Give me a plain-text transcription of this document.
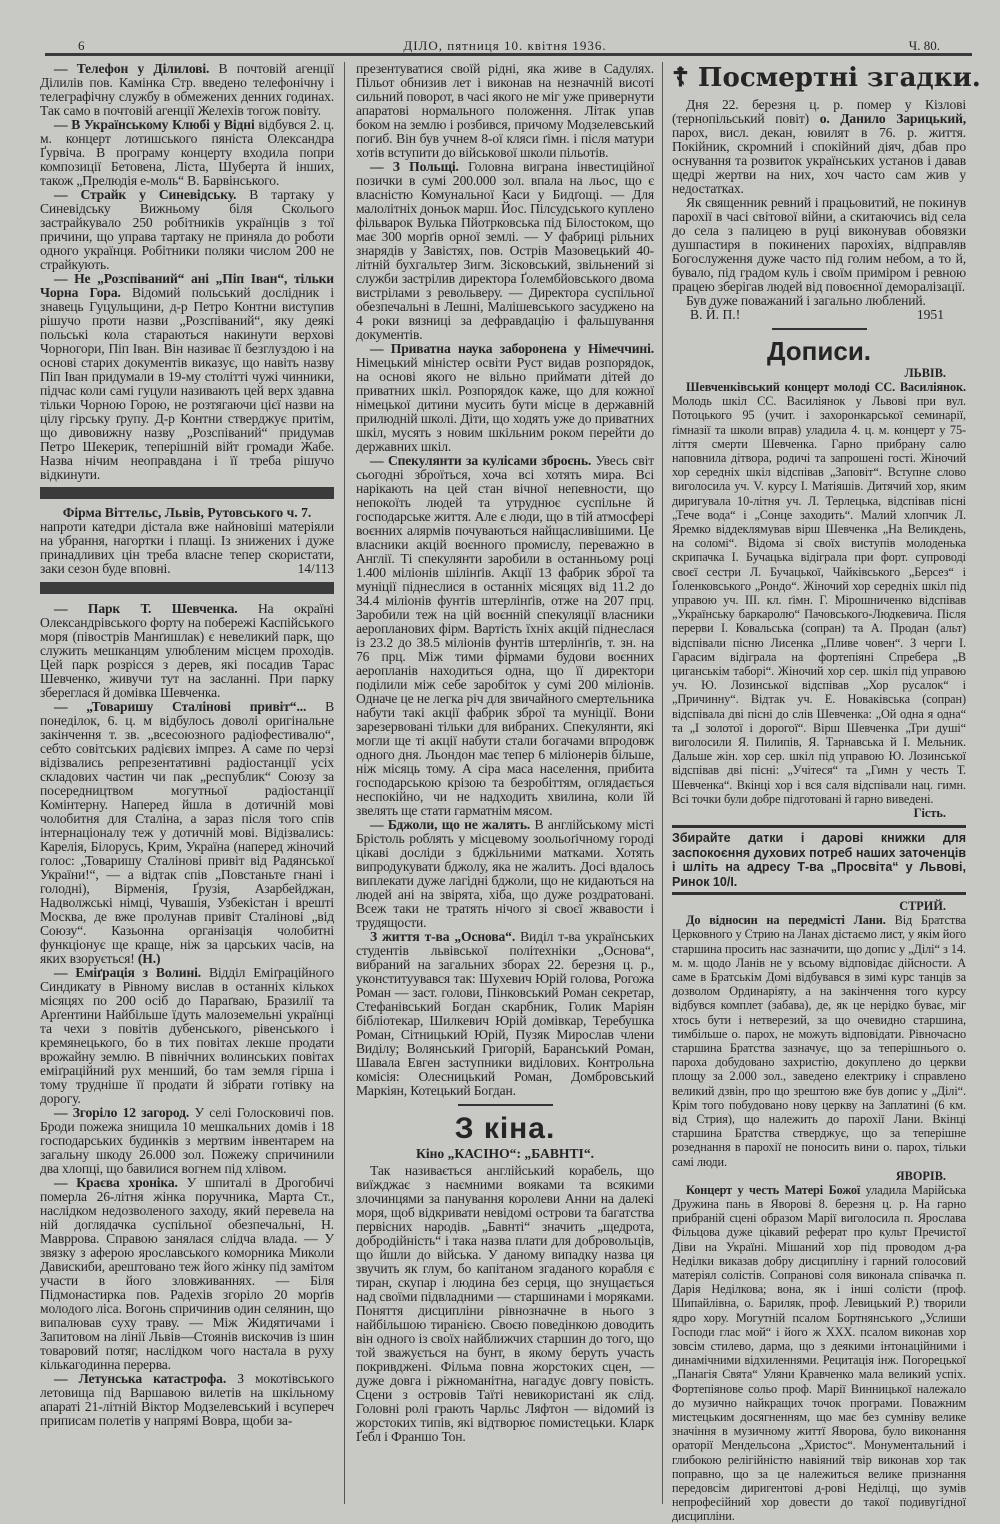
6	ДІЛО, пятниця 10. квітня 1936.	Ч. 80.

— Телефон у Ділилові. В почтовій агенції Ділилів пов. Камінка Стр. введено телефонічну і телеграфічну службу в обмежених денних годинах. Так само в почтовій агенції Желехів тогож повіту.

— В Українському Клюбі у Відні відбувся 2. ц. м. концерт лотишського пяніста Олександра Ґурвіча. В програму концерту входила попри композиції Бетовена, Ліста, Шуберта й інших, також „Прелюдія е-моль“ В. Барвінського.

— Страйк у Синевідську. В тартаку у Синевідську Вижньому біля Сколього застрайкувало 250 робітників українців з тої причини, що управа тартаку не приняла до роботи одного українця. Робітники поляки числом 200 не страйкують.

— Не „Розспіваний“ ані „Піп Іван“, тільки Чорна Гора. Відомий польський дослідник і знавець Гуцульщини, д-р Петро Контни виступив рішучо проти назви „Розспіваний“, яку деякі польські кола стараються накинути верхові Чорногори, Піп Іван. Він називає її безглуздою і на основі старих документів виказує, що навіть назву Піп Іван придумали в 19-му столітті чужі чинники, підчас коли самі гуцули називають цей верх здавна тільки Чорною Горою, не розтягаючи цієї назви на цілу гірську ґрупу. Д-р Контни стверджує притім, що дивовижну назву „Розспіваний“ придумав Петро Шекерик, теперішній війт громади Жабе. Назва нічим неоправдана і її треба рішучо відкинути.

Фірма Віттельс, Львів, Рутовського ч. 7.

напроти катедри дістала вже найновіші матеріяли на убрання, нагортки і плащі. Із знижених і дуже принадливих цін треба власне тепер скористати, заки сезон буде вповні.	14/113

— Парк Т. Шевченка. На окраїні Олександрівського форту на побережі Каспійського моря (півострів Манґишлак) є невеликий парк, що служить мешканцям улюбленим місцем проходів. Цей парк розрісся з дерев, які посадив Тарас Шевченко, живучи тут на засланні. При парку збереглася й домівка Шевченка.

— „Товаришу Сталінові привіт“... В понеділок, 6. ц. м відбулось доволі оригінальне закінчення т. зв. „всесоюзного радіофестивалю“, себто совітських радієвих імпрез. А саме по черзі відізвались репрезентативні радіостанції усіх складових частин чи пак „республик“ Союзу за посередництвом могутньої радіостанції Комінтерну. Наперед йшла в дотичній мові чолобитня для Сталіна, а зараз після того спів інтернаціоналу теж у дотичній мові. Відізвались: Карелія, Білорусь, Крим, Україна (наперед жіночий голос: „Товаришу Сталінові привіт від Радянської України!“, — а відтак спів „Повстаньте гнані і голодні), Вірменія, Ґрузія, Азарбейджан, Надволжські німці, Чувашія, Узбекістан і врешті Москва, де вже пролунав привіт Сталінові „від Союзу“. Казьонна організація чолобитні функціонує ще краще, ніж за царських часів, на яких взорується! (Н.)

— Еміґрація з Волині. Відділ Еміґраційного Синдикату в Рівному вислав в останніх кількох місяцях по 200 осіб до Параґваю, Бразилії та Арґентини Найбільше їдуть малоземельні українці та чехи з повітів дубенського, рівенського і кремянецького, бо в тих повітах лекше продати врожайну землю. В північних волинських повітах еміґраційний рух менший, бо там земля гірша і тому трудніше її продати й зібрати готівку на дорогу.

— Згоріло 12 загород. У селі Голосковичі пов. Броди пожежа знищила 10 мешкальних домів і 18 господарських будинків з мертвим інвентарем на загальну шкоду 26.000 зол. Пожежу спричинили два хлопці, що бавилися вогнем під хлівом.

— Краєва хроніка. У шпиталі в Дрогобичі померла 26-літня жінка поручника, Марта Ст., наслідком недозволеного заходу, який перевела на ній доглядачка суспільної обезпечальні, Н. Мавррова. Справою занялася слідча влада. — У звязку з аферою ярославського коморника Миколи Давискиби, арештовано теж його жінку під замітом участи в його зловживаннях. — Біля Підмонастирка пов. Радехів згоріло 20 морґів молодого ліса. Вогонь спричинив один селянин, що випалював суху траву. — Між Жидятичами і Запитовом на лінії Львів—Стоянів вискочив із шин товаровий потяг, наслідком чого настала в руху кількагодинна перерва.

— Летунська катастрофа. З мокотівського летовища під Варшавою вилетів на шкільному апараті 21-літній Віктор Модзелевський і всупереч приписам полетів у напрямі Вовра, щоби за-

презентуватися своїй рідні, яка живе в Садулях. Пільот обнизив лет і виконав на незначній висоті сильний поворот, в часі якого не міг уже привернути апаратові нормального положення. Літак упав боком на землю і розбився, причому Модзелевський погиб. Він був учнем 8-ої кляси ґімн. і після матури хотів вступити до військової школи пільотів.

— З Польщі. Головна виграна інвестиційної позички в сумі 200.000 зол. впала на льос, що є власністю Комунальної Каси у Бидґощі. — Для малолітніх доньок марш. Йос. Пілсудського куплено фільварок Вулька Пйотрковська під Білостоком, що має 300 морґів орної землі. — У фабриці рільних знарядів у Завістях, пов. Острів Мазовецький 40-літній бухгальтер Зигм. Зісковський, звільнений зі служби застрілив директора Ґолембйовського двома вистрілами з револьверу. — Директора суспільної обезпечальні в Лешні, Малішевського засуджено на 4 роки вязниці за дефравдацію і фальшування документів.

— Приватна наука заборонена у Німеччині. Німецький міністер освіти Руст видав розпорядок, на основі якого не вільно приймати дітей до приватних шкіл. Розпорядок каже, що для кожної німецької дитини мусить бути місце в державній прилюдній школі. Діти, що ходять уже до приватних шкіл, мусять з новим шкільним роком перейти до державних шкіл.

— Спекулянти за кулісами зброєнь. Увесь світ сьогодні зброїться, хоча всі хотять мира. Всі нарікають на цей стан вічної непевности, що непокоїть людей та утруднює суспільне й господарське життя. Але є люди, що в тій атмосфері воєнних алярмів почуваються найщасливішими. Це власники акцій воєнного промислу, переважно в Англії. Ті спекулянти заробили в останньому році 1.400 міліонів шілінґів. Акції 13 фабрик зброї та муніції піднеслися в останніх місяцях від 11.2 до 34.4 міліонів фунтів штерлінґів, отже на 207 прц. Заробили теж на цій воєнній спекуляції власники аеропланових фірм. Вартість їхніх акцій піднеслася із 23.2 до 38.5 міліонів фунтів штерлінґів, т. зн. на 76 прц. Між тими фірмами будови воєнних аеропланів находиться одна, що її директори поділили між себе заробіток у сумі 200 міліонів. Одначе це не легка річ для звичайного смертельника набути такі акції фабрик зброї та муніції. Вони зарезервовані тільки для вибраних. Спекулянти, які могли ще ті акції набути стали богачами впродовж одного дня. Льондон має тепер 6 міліонерів більше, ніж місяць тому. А сіра маса населення, прибита господарською крізою та безробіттям, оглядається неспокійно, чи не надходить хвилина, коли їй звелять ще стати гарматнім мясом.

— Бджоли, що не жалять. В англійському місті Брістоль роблять у місцевому зоольоґічному городі цікаві досліди з бджільними матками. Хотять випродукувати бджолу, яка не жалить. Досі вдалось виплекати дуже лагідні бджоли, що не кидаються на людей ані на звірята, хіба, що дуже роздратовані. Всеж таки не тратять нічого зі своєї жвавости і трудящости.

З життя т-ва „Основа“. Виділ т-ва українських студентів львівської політехніки „Основа“, вибраний на загальних зборах 22. березня ц. р., уконституувався так: Шухевич Юрій голова, Рогожа Роман — заст. голови, Пінковський Роман секретар, Стефанівський Богдан скарбник, Голик Маріян бібліотекар, Шилкевич Юрій домівкар, Теребушка Роман, Сітницький Юрій, Пузяк Мирослав члени Виділу; Волянський Григорій, Баранський Роман, Шавала Евген заступники виділових. Контрольна комісія: Олесницький Роман, Домбровський Маркіян, Котецький Богдан.

З кіна.
Кіно „КАСІНО“: „БАВНТІ“.

Так називається англійський корабель, що виїжджає з наємними вояками та всякими злочинцями за панування королеви Анни на далекі моря, щоб відкривати невідомі острови та багатства первісних народів. „Бавнті“ значить „щедрота, добродійність“ і така назва плати для добровольців, що йшли до війська. У даному випадку назва ця звучить як глум, бо капітаном згаданого корабля є тиран, скупар і людина без серця, що знущається над своїми підвладними — старшинами і моряками. Поняття дисципліни рівнозначне в нього з найбільшою тиранією. Своєю поведінкою доводить він одного із своїх найближчих старшин до того, що той зважується на бунт, в якому беруть участь покривджені. Фільма повна жорстоких сцен, — дуже довга і ріжноманітна, нагадує довгу повість. Сцени з островів Таїті невикористані як слід. Головні ролі грають Чарльс Ляфтон — відомий із жорстоких типів, які відтворює помистецьки. Кларк Ґебл і Франшо Тон.

☦ Посмертні згадки.

Дня 22. березня ц. р. помер у Кізлові (тернопільський повіт) о. Данило Зарицький, парох, висл. декан, ювилят в 76. р. життя. Покійник, скромний і спокійний діяч, дбав про оснування та розвиток українських установ і давав щедрі жертви на них, хоч часто сам жив у недостатках.

Як священник ревний і працьовитий, не покинув парохії в часі світової війни, а скитаючись від села до села з палицею в руці виконував обовязки душпастиря в покинених парохіях, відправляв Богослуження дуже часто під голим небом, а то й, бувало, під градом куль і своїм приміром і ревною працею зберігав людей від повоєнної деморалізації.

Був дуже поважаний і загально люблений.

В. Й. П.!	1951
Дописи.
ЛЬВІВ.

Шевченківський концерт молоді СС. Василіянок. Молодь шкіл СС. Василіянок у Львові при вул. Потоцького 95 (учит. і захоронкарської семинарії, ґімназії та школи вправ) уладила 4. ц. м. концерт у 75-ліття смерти Шевченка. Гарно прибрану салю наповнила дітвора, родичі та запрошені гості. Жіночий хор середніх шкіл відспівав „Заповіт“. Вступне слово виголосила уч. V. курсу І. Матіяшів. Дитячий хор, яким диригувала 10-літня уч. Л. Терлецька, відспівав пісні „Тече вода“ і „Сонце заходить“. Малий хлопчик Л. Яремко віддеклямував вірш Шевченка „На Великдень, на соломі“. Відома зі своїх виступів молоденька скрипачка І. Бучацька відіграла при форт. супроводі своєї сестри Л. Бучацької, Чайківського „Берсез“ і Ґоленковського „Рондо“. Жіночий хор середніх шкіл під управою уч. III. кл. ґімн. Г. Мірошниченко відспівав „Українську баркаролю“ Пачовського-Людкевича. Після перерви І. Ковальська (сопран) та А. Продан (альт) відспівали пісню Лисенка „Пливе човен“. З черги І. Гарасим відіграла на фортепіяні Спребера „В циганськім таборі“. Жіночий хор сер. шкіл під управою уч. Ю. Лозинської відспівав „Хор русалок“ і „Причинну“. Відтак уч. Е. Новаківська (сопран) відспівала дві пісні до слів Шевченка: „Ой одна я одна“ та „І золотої і дорогої“. Вірш Шевченка „Три душі“ виголосили Я. Пилипів, Я. Тарнавська й І. Мельник. Дальше жін. хор сер. шкіл під управою Ю. Лозинської відспівав дві пісні: „Учітеся“ та „Гимн у честь Т. Шевченка“. Вкінці хор і вся саля відспівали нац. гимн. Всі точки були добре підготовані й гарно виведені.

Гість.

Збирайте датки і дарові книжки для заспокоєння духових потреб наших заточенців і шліть на адресу Т-ва „Просвіта“ у Львові, Ринок 10/I.

СТРИЙ.

До відносин на передмісті Лани. Від Братства Церковного у Стрию на Ланах дістаємо лист, у якім його старшина просить нас зазначити, що допис у „Ділі“ з 14. м. м. щодо Ланів не у всьому відповідає дійсности. А саме в Братськім Домі відбувався в зимі курс танців за дозволом Ординаріяту, а на закінчення того курсу відбувся комплет (забава), де, як це нерідко буває, міг хтось бути і нетверезий, за що очевидно старшина, тимбільше о. парох, не можуть відповідати. Рівночасно старшина Братства зазначує, що за теперішнього о. пароха добудовано захристію, докуплено до церкви площу за 2.000 зол., заведено електрику і справлено великий дзвін, про що зрештою вже був допис у „Ділі“. Крім того побудовано нову церкву на Заплатині (6 км. від Стрия), що належить до парохії Лани. Вкінці старшина Братства стверджує, що за теперішне розеднання в парохії не поносить вини о. парох, тільки самі люди.

ЯВОРІВ.

Концерт у честь Матері Божої уладила Марійська Дружина пань в Яворові 8. березня ц. р. На гарно прибраній сцені образом Марії виголосила п. Ярослава Фільцова дуже цікавий реферат про культ Пречистої Діви на Україні. Мішаний хор під проводом д-ра Неділки виказав добру дисципліну і гарний голосовий матеріял солістів. Сопранові соля виконала співачка п. Дарія Неділкова; вона, як і інші солісти (проф. Шипайлівна, о. Бариляк, проф. Левицький Р.) творили ядро хору. Могутній псалом Бортнянського „Услиши Господи глас мой“ і його ж XXX. псалом виконав хор зовсім стилево, дарма, що з деякими інтонаційними і динамічними відхиленнями. Рецитація інж. Погорецької „Панагія Свята“ Уляни Кравченко мала великий успіх. Фортепіянове сольо проф. Марії Винницької належало до музично найкращих точок програми. Поважним мистецьким досягненням, що має без сумніву велике значіння в музичному життї Яворова, було виконання ораторії Мендельсона „Христос“. Монументальний і глибокою релігійністю навіяний твір виконав хор так поправно, що за це належиться велике признання передовсім диригентові д-рові Неділці, що зумів непрофесійний хор довести до такої подивугідної дисципліни.
